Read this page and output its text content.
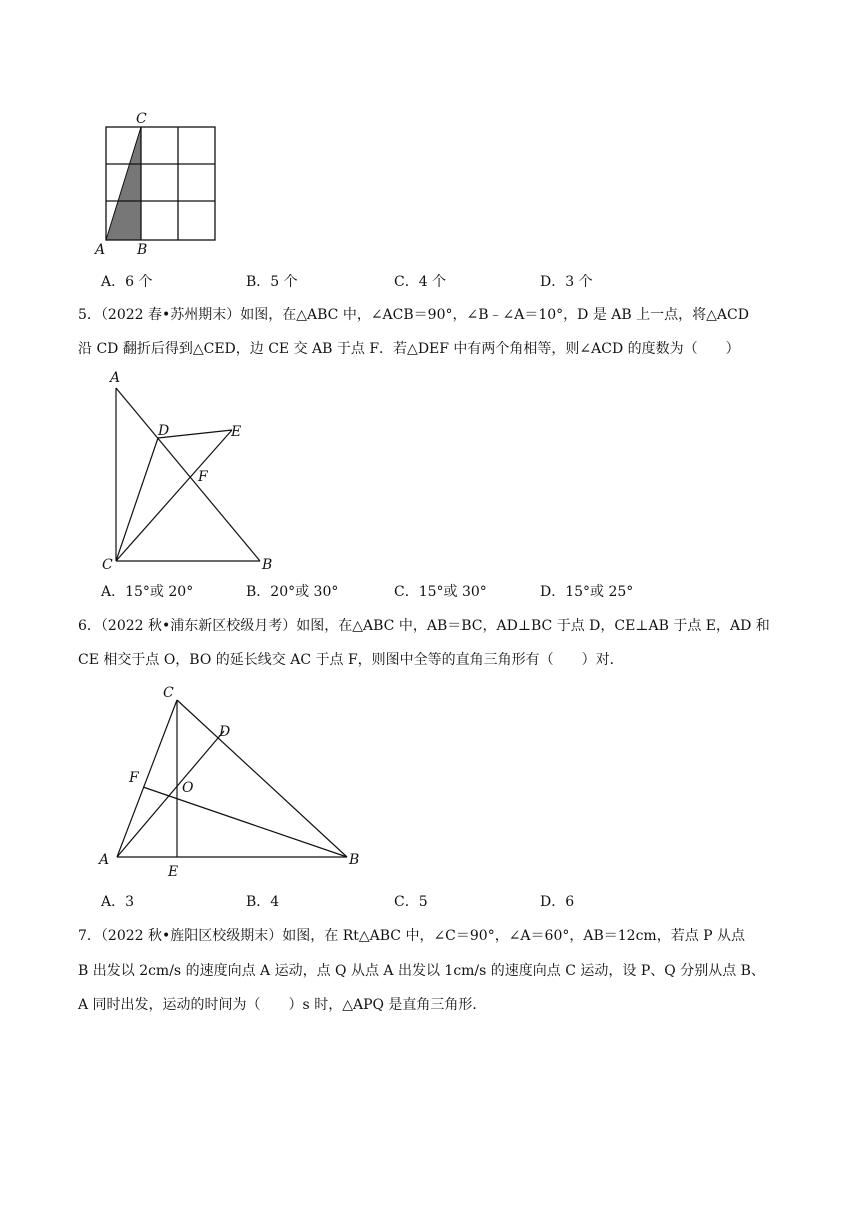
C
A B
A．6 个	B．5 个	C．4 个	D．3 个
5．（2022 春•苏州期末）如图，在△ABC 中，∠ACB＝90°，∠B﹣∠A＝10°，D 是 AB 上一点，将△ACD
沿 CD 翻折后得到△CED，边 CE 交 AB 于点 F．若△DEF 中有两个角相等，则∠ACD 的度数为（　　）
A
D	E
F
C	B
A．15°或 20°	B．20°或 30°	C．15°或 30°	D．15°或 25°
6．（2022 秋•浦东新区校级月考）如图，在△ABC 中，AB＝BC，AD⊥BC 于点 D，CE⊥AB 于点 E，AD 和
CE 相交于点 O，BO 的延长线交 AC 于点 F，则图中全等的直角三角形有（　　）对．
C
D
F
O
A
E
B
A．3	B．4	C．5	D．6
7．（2022 秋•旌阳区校级期末）如图，在 Rt△ABC 中，∠C＝90°，∠A＝60°，AB＝12cm，若点 P 从点
B 出发以 2cm/s 的速度向点 A 运动，点 Q 从点 A 出发以 1cm/s 的速度向点 C 运动，设 P、Q 分别从点 B、
A 同时出发，运动的时间为（　　）s 时，△APQ 是直角三角形．
